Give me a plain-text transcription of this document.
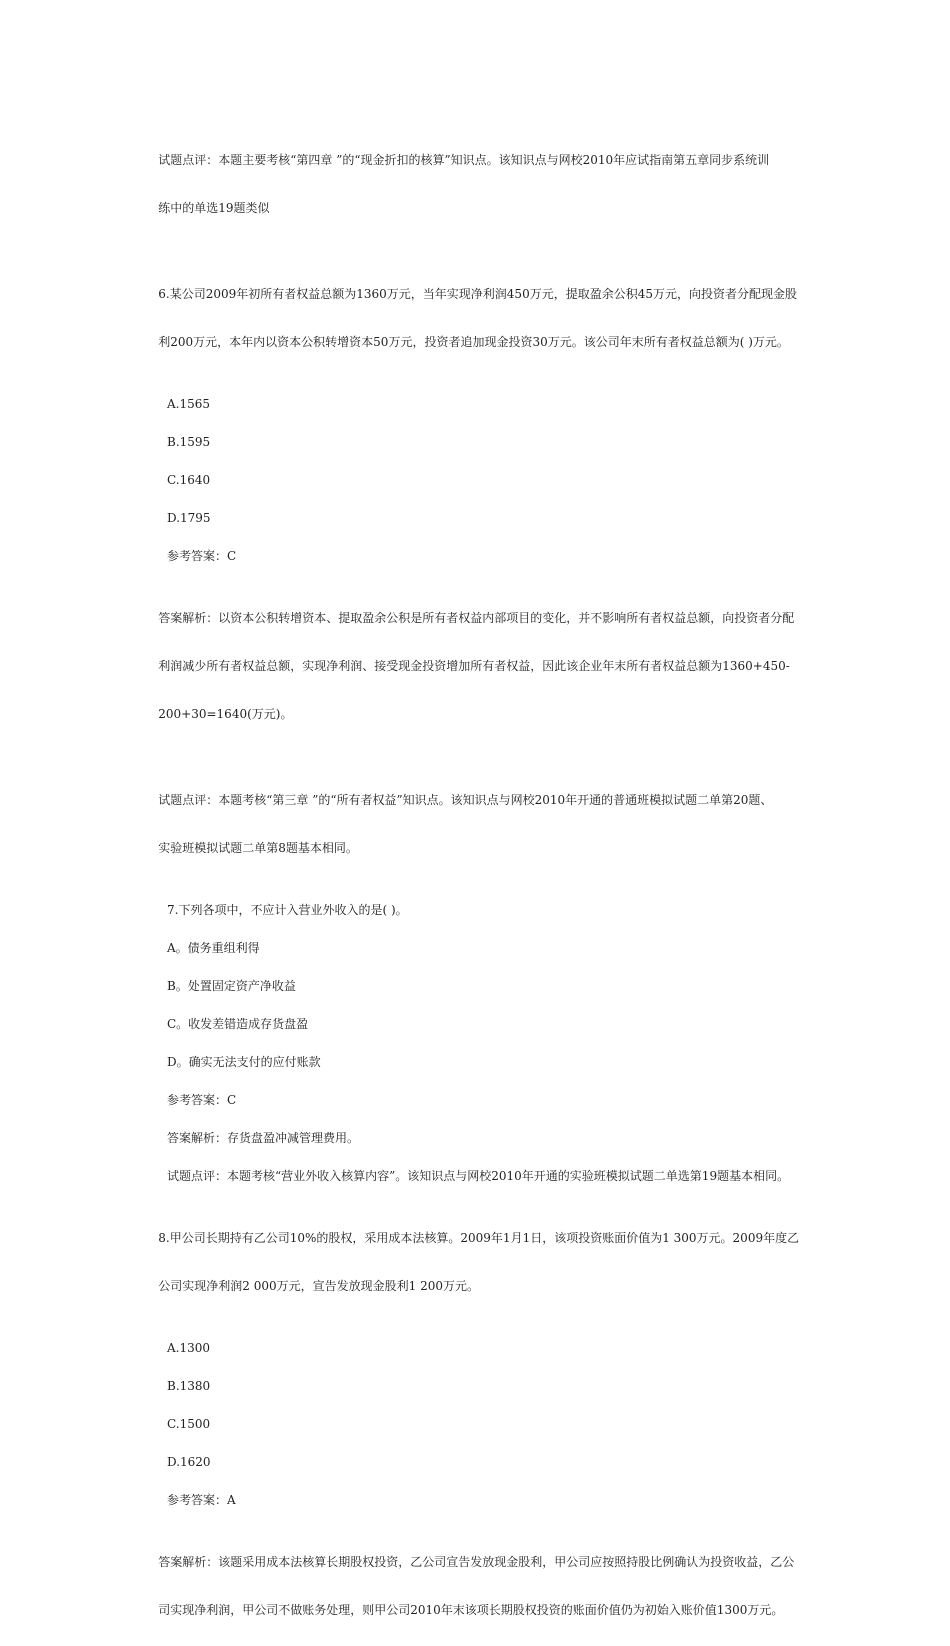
试题点评：本题主要考核“第四章 ”的“现金折扣的核算”知识点。该知识点与网校2010年应试指南第五章同步系统训

练中的单选19题类似

6.某公司2009年初所有者权益总额为1360万元，当年实现净利润450万元，提取盈余公积45万元，向投资者分配现金股

利200万元，本年内以资本公积转增资本50万元，投资者追加现金投资30万元。该公司年末所有者权益总额为( )万元。

A.1565
B.1595
C.1640
D.1795
参考答案：C

答案解析：以资本公积转增资本、提取盈余公积是所有者权益内部项目的变化，并不影响所有者权益总额，向投资者分配

利润减少所有者权益总额，实现净利润、接受现金投资增加所有者权益，因此该企业年末所有者权益总额为1360+450-

200+30=1640(万元)。

试题点评：本题考核“第三章 ”的“所有者权益”知识点。该知识点与网校2010年开通的普通班模拟试题二单第20题、

实验班模拟试题二单第8题基本相同。

7.下列各项中，不应计入营业外收入的是( )。
A。债务重组利得
B。处置固定资产净收益
C。收发差错造成存货盘盈
D。确实无法支付的应付账款
参考答案：C
答案解析：存货盘盈冲减管理费用。
试题点评：本题考核“营业外收入核算内容”。该知识点与网校2010年开通的实验班模拟试题二单选第19题基本相同。

8.甲公司长期持有乙公司10%的股权，采用成本法核算。2009年1月1日，该项投资账面价值为1 300万元。2009年度乙

公司实现净利润2 000万元，宣告发放现金股利1 200万元。

A.1300
B.1380
C.1500
D.1620
参考答案：A

答案解析：该题采用成本法核算长期股权投资，乙公司宣告发放现金股利，甲公司应按照持股比例确认为投资收益，乙公

司实现净利润，甲公司不做账务处理，则甲公司2010年末该项长期股权投资的账面价值仍为初始入账价值1300万元。
